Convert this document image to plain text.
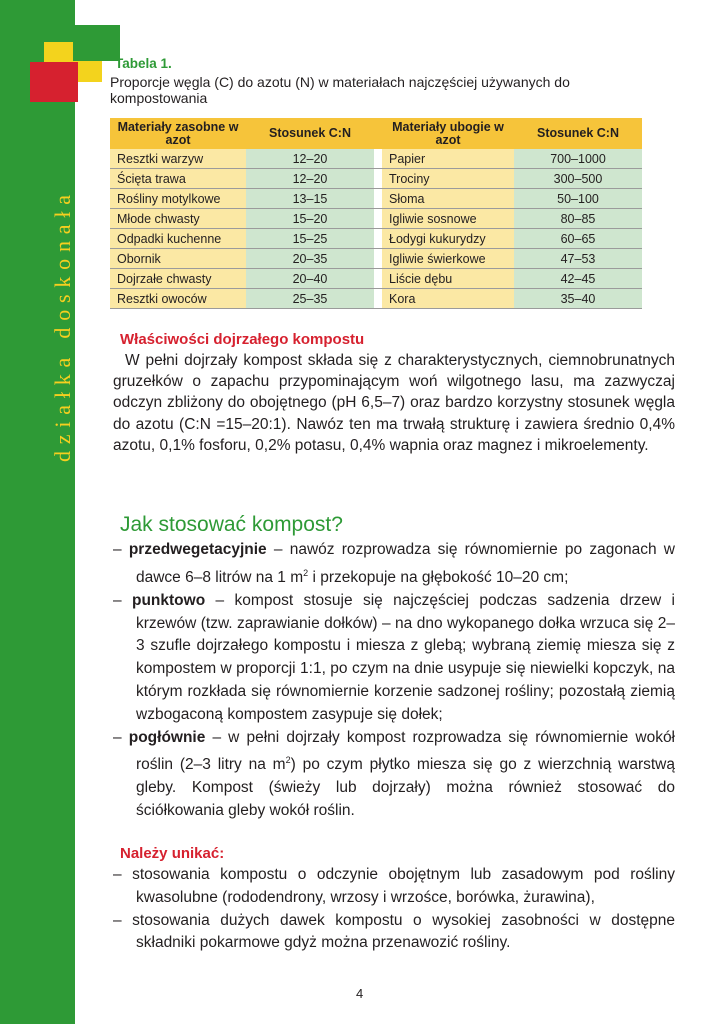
działka doskonała
Tabela 1.
Proporcje węgla (C) do azotu (N) w materiałach najczęściej używanych do kompostowania
Materiały zasobne w azot	Stosunek C:N		Materiały ubogie w azot	Stosunek C:N
Resztki warzyw	12–20		Papier	700–1000
Ścięta trawa	12–20		Trociny	300–500
Rośliny motylkowe	13–15		Słoma	50–100
Młode chwasty	15–20		Igliwie sosnowe	80–85
Odpadki kuchenne	15–25		Łodygi kukurydzy	60–65
Obornik	20–35		Igliwie świerkowe	47–53
Dojrzałe chwasty	20–40		Liście dębu	42–45
Resztki owoców	25–35		Kora	35–40
Właściwości dojrzałego kompostu
W pełni dojrzały kompost składa się z charakterystycznych, ciemnobrunatnych gruzełków o zapachu przypominającym woń wilgotnego lasu, ma zazwyczaj odczyn zbliżony do obojętnego (pH 6,5–7) oraz bardzo korzystny stosunek węgla do azotu (C:N =15–20:1). Nawóz ten ma trwałą strukturę i zawiera średnio 0,4% azotu, 0,1% fosforu, 0,2% potasu, 0,4% wapnia oraz magnez i mikroelementy.
Jak stosować kompost?
– przedwegetacyjnie – nawóz rozprowadza się równomiernie po zagonach w dawce 6–8 litrów na 1 $m^2$ i przekopuje na głębokość 10–20 cm;
– punktowo – kompost stosuje się najczęściej podczas sadzenia drzew i krzewów (tzw. zaprawianie dołków) – na dno wykopanego dołka wrzuca się 2–3 szufle dojrzałego kompostu i miesza z glebą; wybraną ziemię miesza się z kompostem w proporcji 1:1, po czym na dnie usypuje się niewielki kopczyk, na którym rozkłada się równomiernie korzenie sadzonej rośliny; pozostałą ziemią wzbogaconą kompostem zasypuje się dołek;
– pogłównie – w pełni dojrzały kompost rozprowadza się równomiernie wokół roślin (2–3 litry na $m^2$) po czym płytko miesza się go z wierzchnią warstwą gleby. Kompost (świeży lub dojrzały) można również stosować do ściółkowania gleby wokół roślin.
Należy unikać:
– stosowania kompostu o odczynie obojętnym lub zasadowym pod rośliny kwasolubne (rododendrony, wrzosy i wrzośce, borówka, żurawina),
– stosowania dużych dawek kompostu o wysokiej zasobności w dostępne składniki pokarmowe gdyż można przenawozić rośliny.
4
